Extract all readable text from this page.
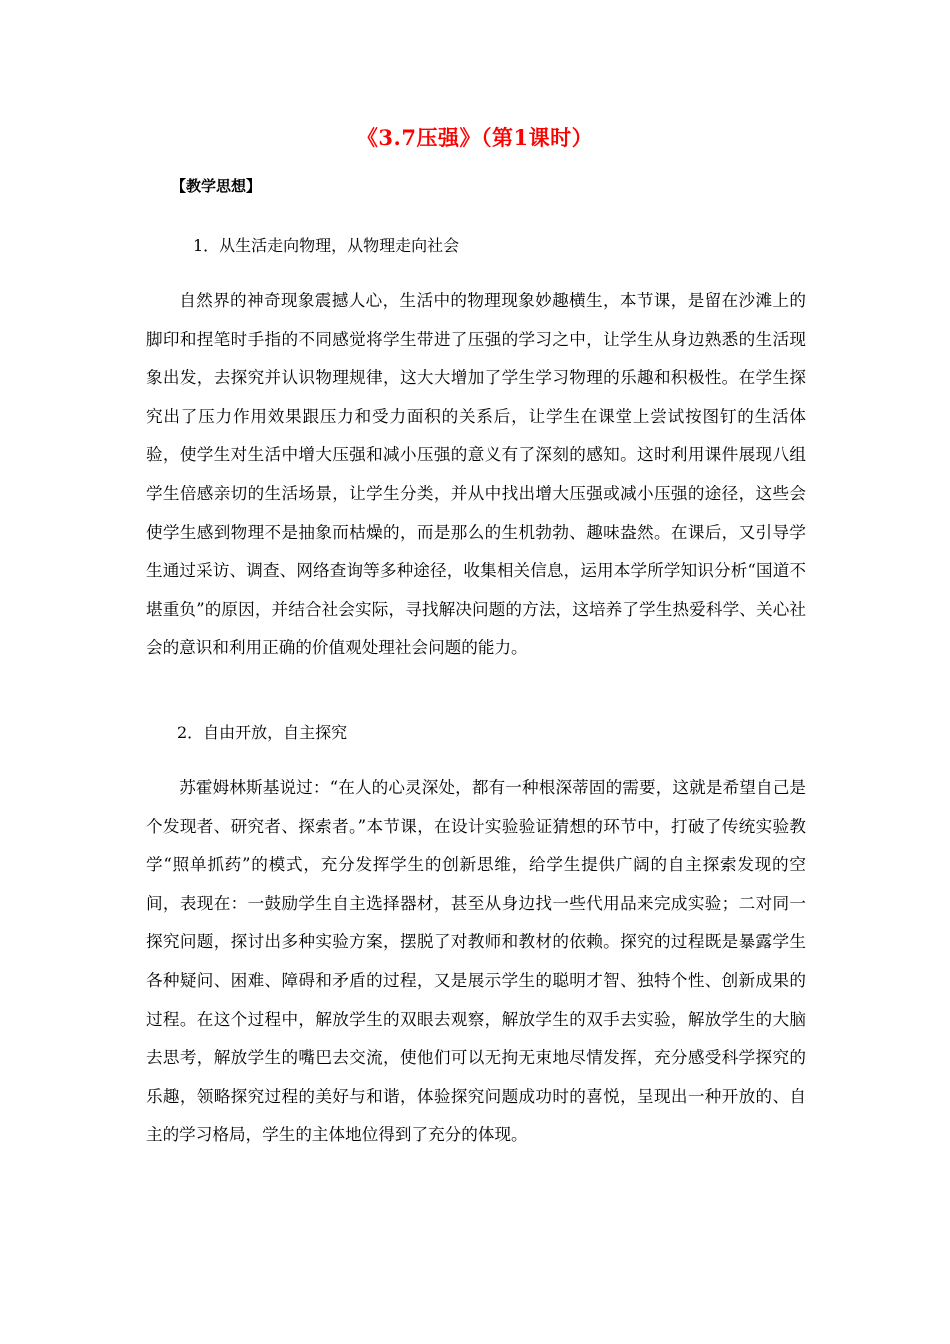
《3.7压强》（第1课时）
【教学思想】
1．从生活走向物理，从物理走向社会

自然界的神奇现象震撼人心，生活中的物理现象妙趣横生，本节课，是留在沙滩上的脚印和捏笔时手指的不同感觉将学生带进了压强的学习之中，让学生从身边熟悉的生活现象出发，去探究并认识物理规律，这大大增加了学生学习物理的乐趣和积极性。在学生探究出了压力作用效果跟压力和受力面积的关系后，让学生在课堂上尝试按图钉的生活体验，使学生对生活中增大压强和减小压强的意义有了深刻的感知。这时利用课件展现八组学生倍感亲切的生活场景，让学生分类，并从中找出增大压强或减小压强的途径，这些会使学生感到物理不是抽象而枯燥的，而是那么的生机勃勃、趣味盎然。在课后，又引导学生通过采访、调查、网络查询等多种途径，收集相关信息，运用本学所学知识分析“国道不堪重负”的原因，并结合社会实际，寻找解决问题的方法，这培养了学生热爱科学、关心社会的意识和利用正确的价值观处理社会问题的能力。

2．自由开放，自主探究

苏霍姆林斯基说过：“在人的心灵深处，都有一种根深蒂固的需要，这就是希望自己是个发现者、研究者、探索者。”本节课，在设计实验验证猜想的环节中，打破了传统实验教学“照单抓药”的模式，充分发挥学生的创新思维，给学生提供广阔的自主探索发现的空间，表现在：一鼓励学生自主选择器材，甚至从身边找一些代用品来完成实验；二对同一探究问题，探讨出多种实验方案，摆脱了对教师和教材的依赖。探究的过程既是暴露学生各种疑问、困难、障碍和矛盾的过程，又是展示学生的聪明才智、独特个性、创新成果的过程。在这个过程中，解放学生的双眼去观察，解放学生的双手去实验，解放学生的大脑去思考，解放学生的嘴巴去交流，使他们可以无拘无束地尽情发挥，充分感受科学探究的乐趣，领略探究过程的美好与和谐，体验探究问题成功时的喜悦，呈现出一种开放的、自主的学习格局，学生的主体地位得到了充分的体现。
